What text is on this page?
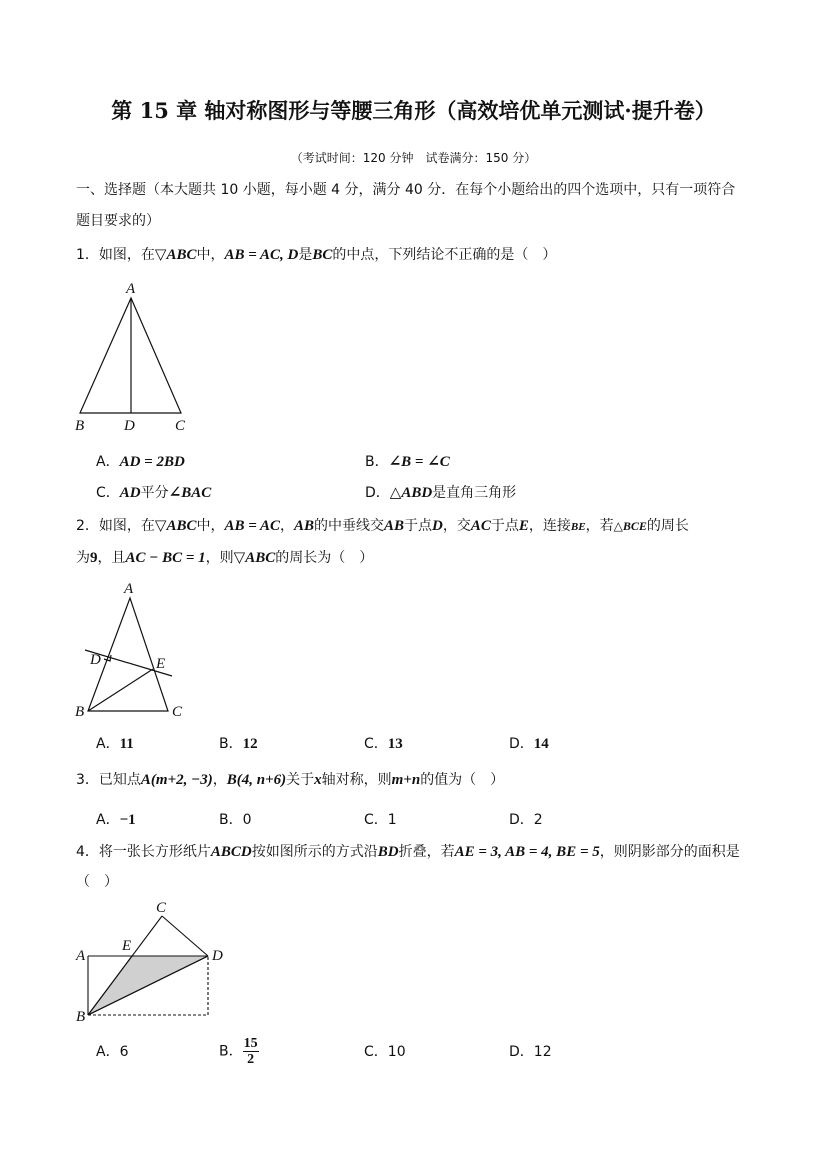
第 15 章 轴对称图形与等腰三角形（高效培优单元测试·提升卷）
（考试时间：120 分钟　试卷满分：150 分）
一、选择题（本大题共 10 小题，每小题 4 分，满分 40 分．在每个小题给出的四个选项中，只有一项符合
题目要求的）
1．如图，在▽ABC中，AB = AC, D是BC的中点，下列结论不正确的是（　）
A
B	D	C
A．AD = 2BD	B．∠B = ∠C
C．AD平分∠BAC	D．△ABD是直角三角形
2．如图，在▽ABC中，AB = AC，AB的中垂线交AB于点D，交AC于点E，连接BE，若△BCE的周长
为9，且AC − BC = 1，则▽ABC的周长为（　）
A
D	E
B	C
A．11	B．12	C．13	D．14
3．已知点A(m+2, −3)，B(4, n+6)关于x轴对称，则m+n的值为（　）
A．−1	B．0	C．1	D．2
4．将一张长方形纸片ABCD按如图所示的方式沿BD折叠，若AE = 3, AB = 4, BE = 5，则阴影部分的面积是
（　）
C
E
A	D
B
A．6	B． $\frac{15}{2}$	C．10	D．12
